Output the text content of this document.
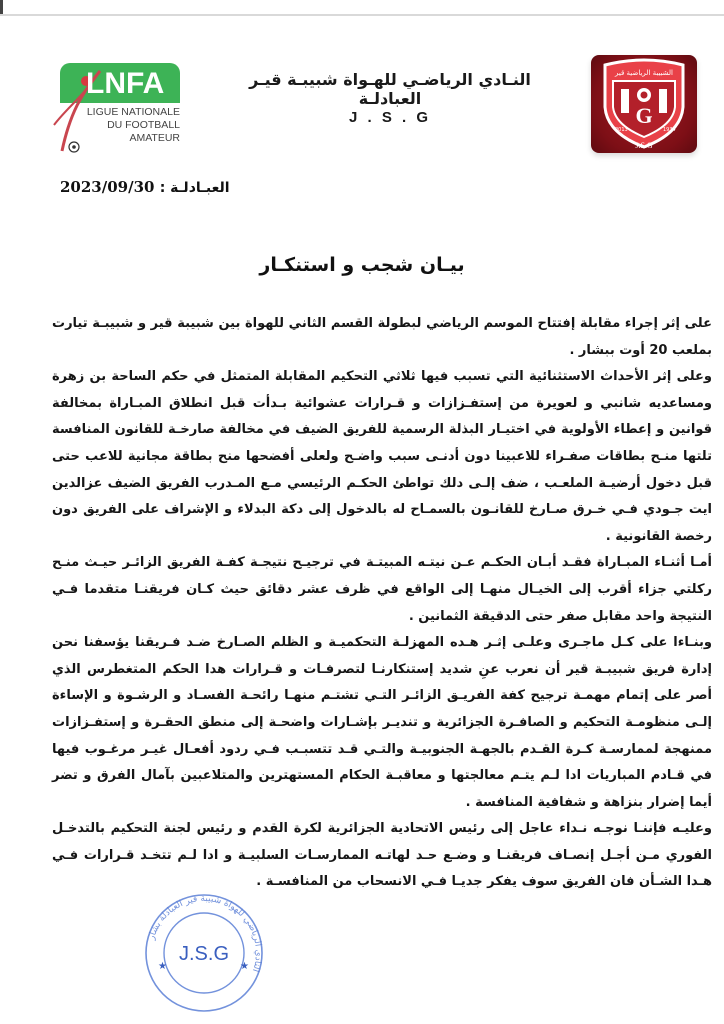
LNFA
LIGUE NATIONALE
DU FOOTBALL
AMATEUR
النـادي الرياضـي للهـواة شبيبـة قيـر العبادلـة
J . S . G	G
الشبيبة الرياضية قير
2013	1934
J.S.G
العبـادلـة : 2023/09/30
بيـان شجب و استنكـار

على إثر إجراء مقابلة إفتتاح الموسم الرياضي لبطولة القسم الثاني للهواة بين شبيبة قير و شبيبـة تيارت بملعب 20 أوت ببشار .

وعلى إثر الأحداث الاستثنائية التي تسبب فيها ثلاثي التحكيم المقابلة المتمثل في حكم الساحة بن زهرة ومساعديه شانبي و لعويرة من إستفـزازات و قـرارات عشوائية بـدأت قبل انطلاق المبـاراة بمخالفة قوانين و إعطاء الأولوية في اختيـار البذلة الرسمية للفريق الضيف في مخالفة صارخـة للقانون المنافسة تلتها منـح بطاقات صفـراء للاعبينا دون أدنـى سبب واضـح ولعلى أفضحها منح بطاقة مجانية للاعب حتى قبل دخول أرضيـة الملعـب ، ضف إلـى دلك تواطئ الحكـم الرئيسي مـع المـدرب الفريق الضيف عزالدين ايت جـودي فـي خـرق صـارخ للقانـون بالسمـاح له بالدخول إلى دكة البدلاء و الإشراف على الفريق دون رخصة القانونية .

أمـا أثنـاء المبـاراة فقـد أبـان الحكـم عـن نيتـه المبيتـة في ترجيـح نتيجـة كفـة الفريق الزائـر حيـث منـح ركلتي جزاء أقرب إلى الخيـال منهـا إلى الواقع في ظرف عشر دقائق حيث كـان فريقنـا متقدما فـي النتيجة واحد مقابل صفر حتى الدقيقة الثمانين .

وبنـاءا على كـل ماجـرى وعلـى إثـر هـده المهزلـة التحكميـة و الظلم الصـارخ ضـد فـريقنا يؤسفنا نحن إدارة فريق شبيبـة قير أن نعرب عنِ شديد إستنكارنـا لتصرفـات و قـرارات هدا الحكم المتغطرس الذي أصر على إتمام مهمـة ترجيح كفة الفريـق الزائـر التـي تشتـم منهـا رائحـة الفسـاد و الرشـوة و الإساءة إلـى منظومـة التحكيم و الصافـرة الجزائرية و تنديـر بإشـارات واضحـة إلى منطق الحقـرة و إستفـزازات ممنهجة لممارسـة كـرة القـدم بالجهـة الجنوبيـة والتـي قـد تتسبـب فـي ردود أفعـال غيـر مرغـوب فيها في قـادم المباريات ادا لـم يتـم معالجتها و معاقبـة الحكام المستهترين والمتلاعبين بآمال الفرق و تضر أيما إضرار بنزاهة و شفافية المنافسة .

وعليـه فإننـا نوجـه نـداء عاجل إلى رئيس الاتحادية الجزائرية لكرة القدم و رئيس لجنة التحكيم بالتدخـل الفوري مـن أجـل إنصـاف فريقنـا و وضـع حـد لهاتـه الممارسـات السلبيـة و ادا لـم تتخـد قـرارات فـي هـدا الشـأن فان الفريق سوف يفكر جديـا فـي الانسحاب من المنافسـة .

النادي الرياضي للهواة شبيبة قير العبادلة بشار
J.S.G
★	★
